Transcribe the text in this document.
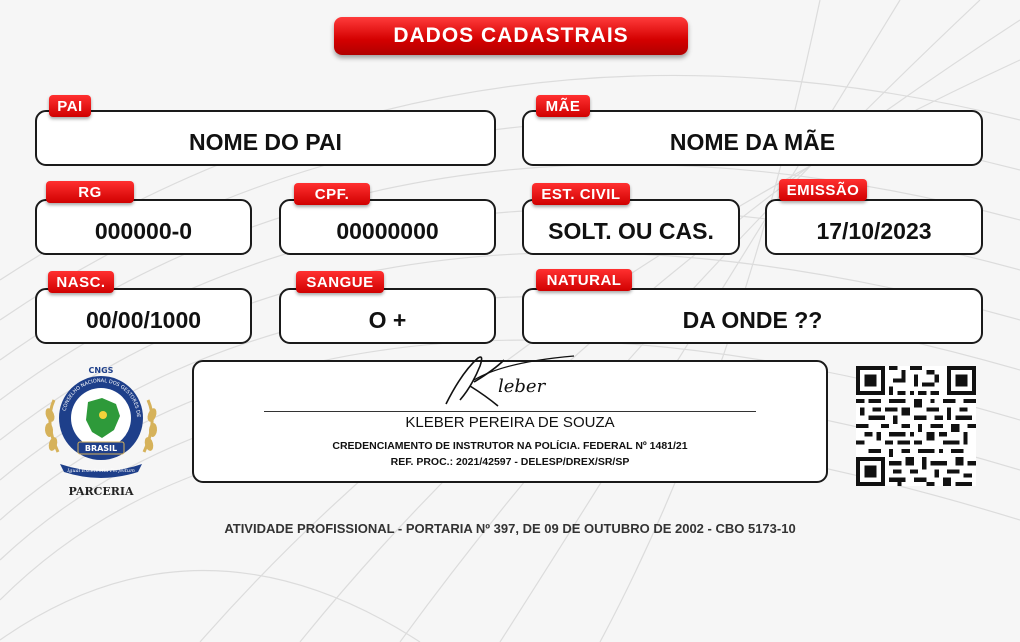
DADOS CADASTRAIS
NOME DO PAI
PAI
NOME DA MÃE
MÃE
000000-0
RG
00000000
CPF.
SOLT. OU CAS.
EST. CIVIL
17/10/2023
EMISSÃO
00/00/1000
NASC.
O +
SANGUE
DA ONDE ??
NATURAL
BRASIL
CNGS
Igual Excelentia Perfeitum
CONSELHO NACIONAL DOS GESTORES DE
PARCERIA
leber
KLEBER PEREIRA DE SOUZA
CREDENCIAMENTO DE INSTRUTOR NA POLÍCIA. FEDERAL Nº 1481/21
REF. PROC.: 2021/42597 - DELESP/DREX/SR/SP
ATIVIDADE PROFISSIONAL - PORTARIA Nº 397, DE 09 DE OUTUBRO DE 2002 - CBO 5173-10
